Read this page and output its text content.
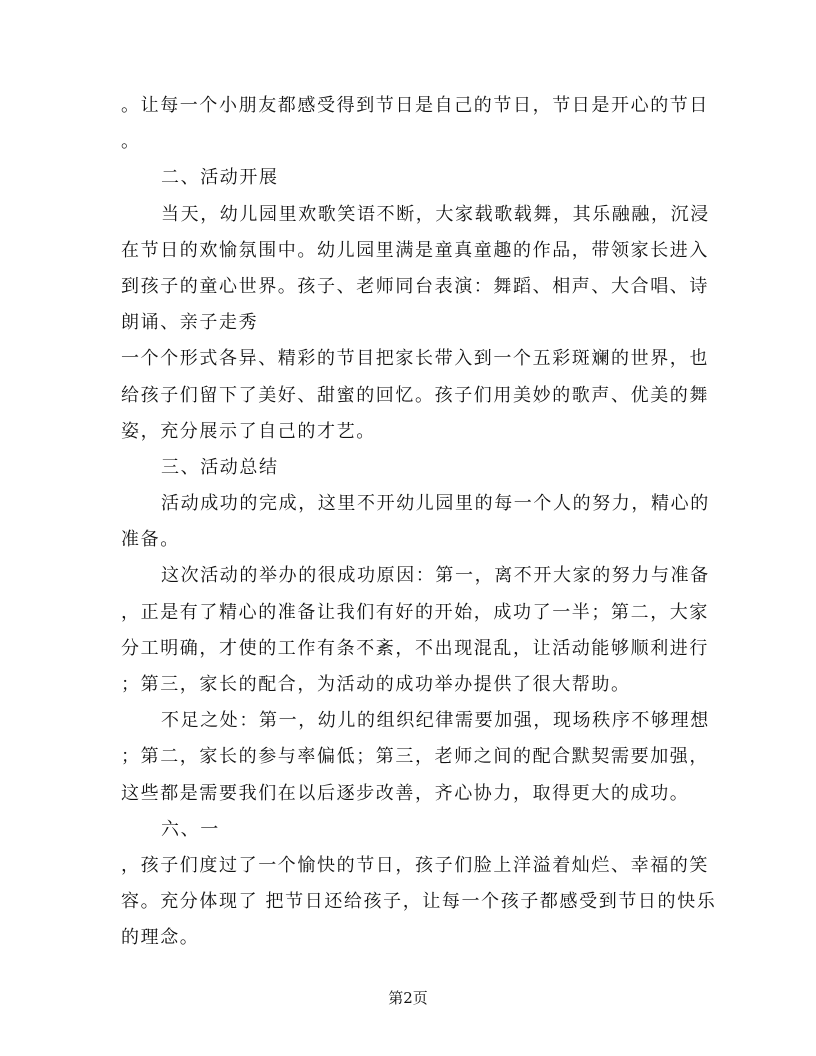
。让每一个小朋友都感受得到节日是自己的节日，节日是开心的节日
。
二、活动开展
当天，幼儿园里欢歌笑语不断，大家载歌载舞，其乐融融，沉浸
在节日的欢愉氛围中。幼儿园里满是童真童趣的作品，带领家长进入
到孩子的童心世界。孩子、老师同台表演：舞蹈、相声、大合唱、诗
朗诵、亲子走秀
一个个形式各异、精彩的节目把家长带入到一个五彩斑斓的世界，也
给孩子们留下了美好、甜蜜的回忆。孩子们用美妙的歌声、优美的舞
姿，充分展示了自己的才艺。
三、活动总结
活动成功的完成，这里不开幼儿园里的每一个人的努力，精心的
准备。
这次活动的举办的很成功原因：第一，离不开大家的努力与准备
，正是有了精心的准备让我们有好的开始，成功了一半；第二，大家
分工明确，才使的工作有条不紊，不出现混乱，让活动能够顺利进行
；第三，家长的配合，为活动的成功举办提供了很大帮助。
不足之处：第一，幼儿的组织纪律需要加强，现场秩序不够理想
；第二，家长的参与率偏低；第三，老师之间的配合默契需要加强，
这些都是需要我们在以后逐步改善，齐心协力，取得更大的成功。
六、一
，孩子们度过了一个愉快的节日，孩子们脸上洋溢着灿烂、幸福的笑
容。充分体现了 把节日还给孩子，让每一个孩子都感受到节日的快乐
的理念。
第2页
